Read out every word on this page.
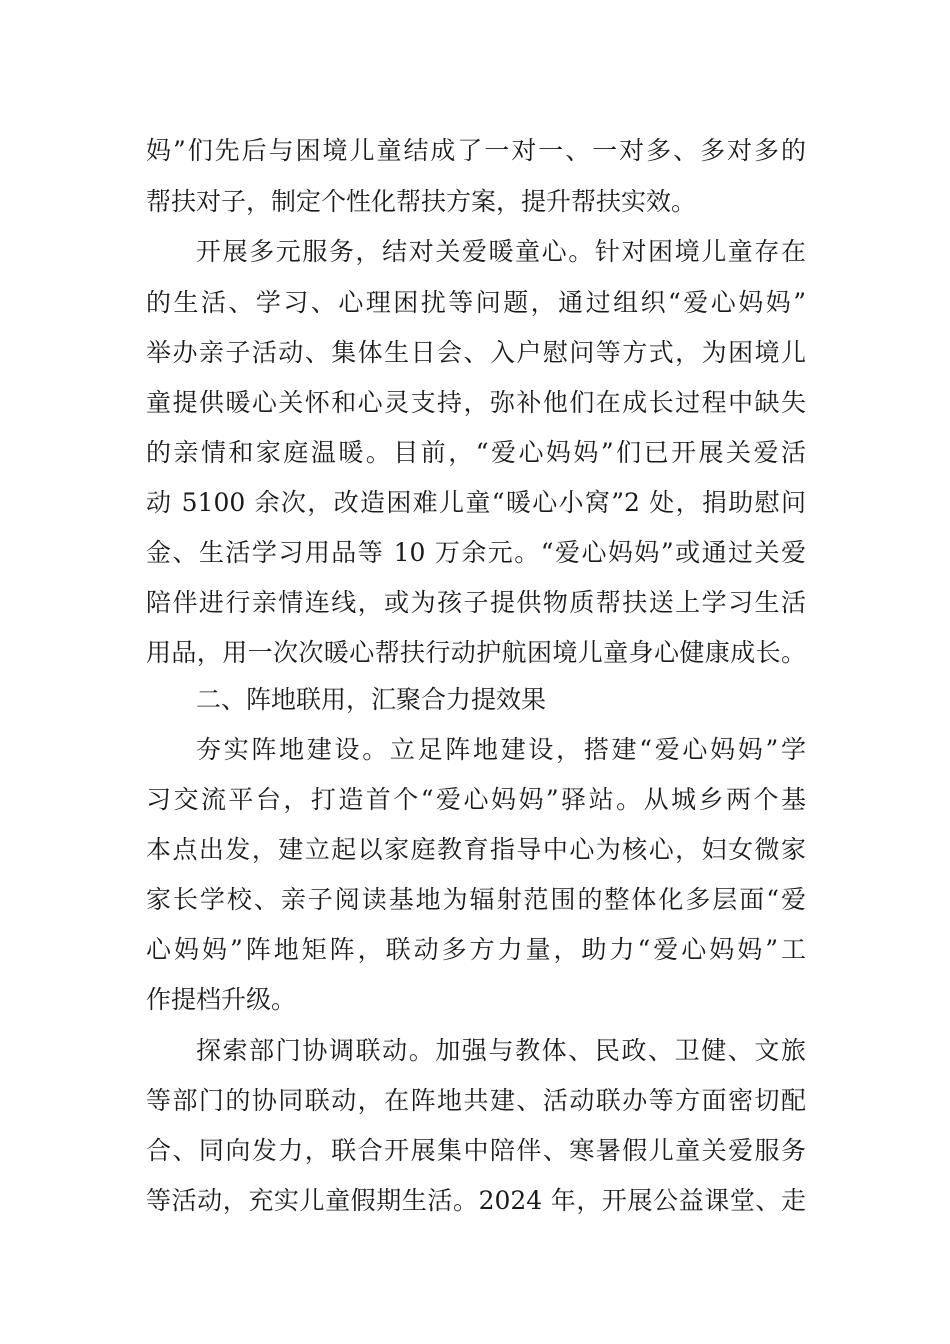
妈”们先后与困境儿童结成了一对一、一对多、多对多的
帮扶对子，制定个性化帮扶方案，提升帮扶实效。
开展多元服务，结对关爱暖童心。针对困境儿童存在
的生活、学习、心理困扰等问题，通过组织“爱心妈妈”
举办亲子活动、集体生日会、入户慰问等方式，为困境儿
童提供暖心关怀和心灵支持，弥补他们在成长过程中缺失
的亲情和家庭温暖。目前，“爱心妈妈”们已开展关爱活
动 5100 余次，改造困难儿童“暖心小窝”2 处，捐助慰问
金、生活学习用品等 10 万余元。“爱心妈妈”或通过关爱
陪伴进行亲情连线，或为孩子提供物质帮扶送上学习生活
用品，用一次次暖心帮扶行动护航困境儿童身心健康成长。
二、阵地联用，汇聚合力提效果
夯实阵地建设。立足阵地建设，搭建“爱心妈妈”学
习交流平台，打造首个“爱心妈妈”驿站。从城乡两个基
本点出发，建立起以家庭教育指导中心为核心，妇女微家
家长学校、亲子阅读基地为辐射范围的整体化多层面“爱
心妈妈”阵地矩阵，联动多方力量，助力“爱心妈妈”工
作提档升级。
探索部门协调联动。加强与教体、民政、卫健、文旅
等部门的协同联动，在阵地共建、活动联办等方面密切配
合、同向发力，联合开展集中陪伴、寒暑假儿童关爱服务
等活动，充实儿童假期生活。2024 年，开展公益课堂、走
